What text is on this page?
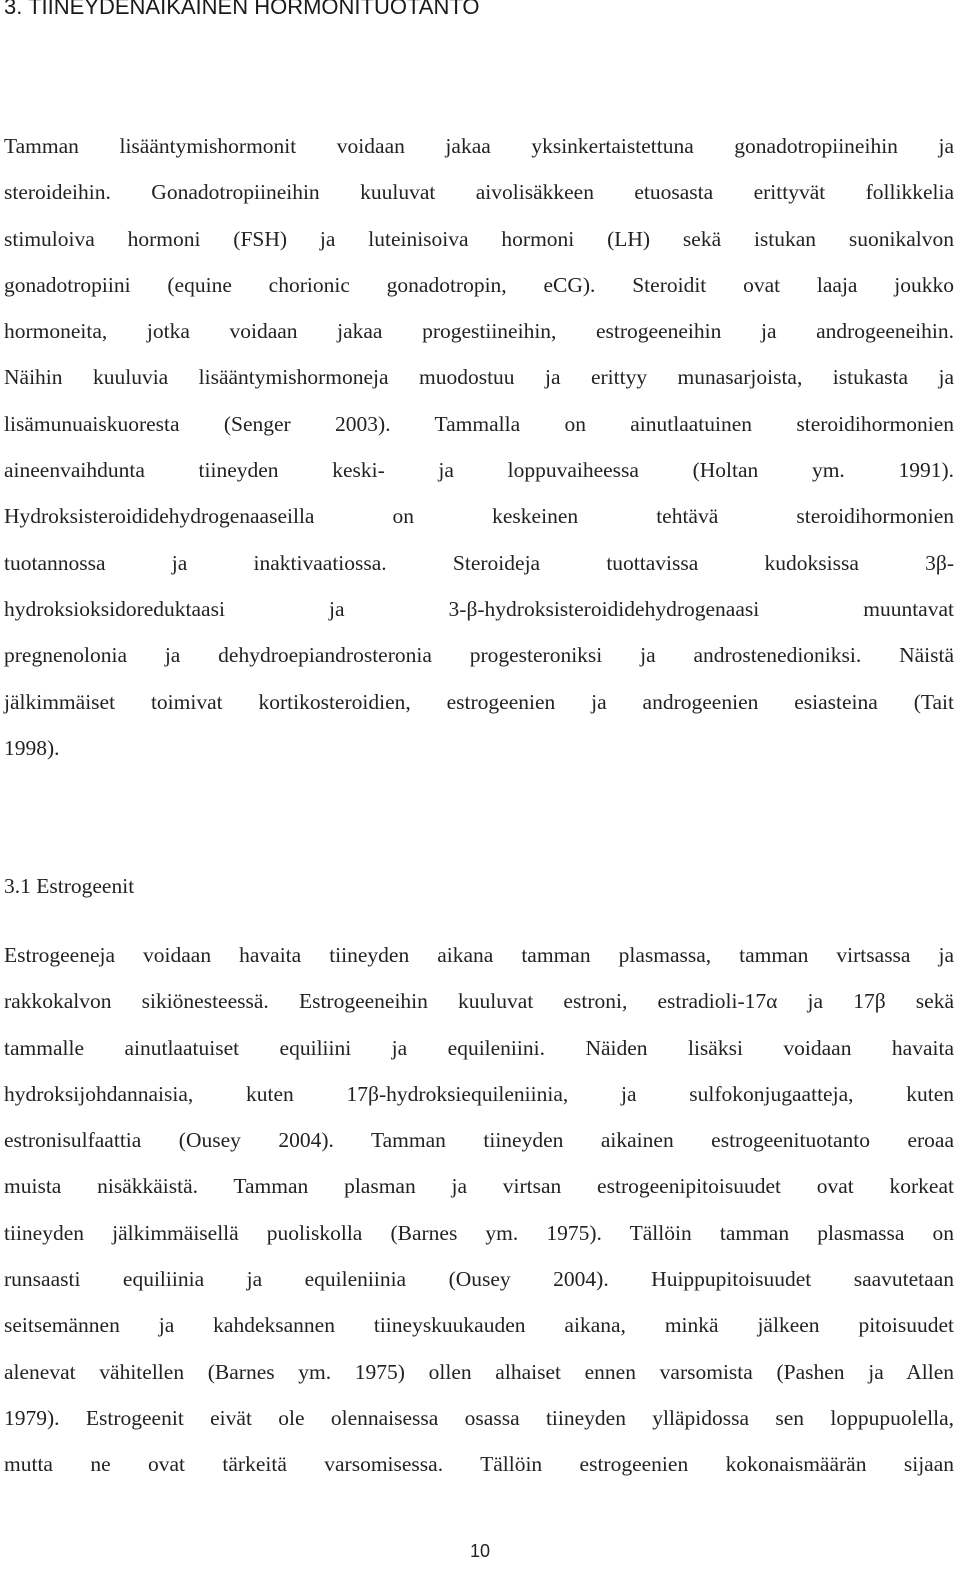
3. TIINEYDENAIKAINEN HORMONITUOTANTO
Tamman lisääntymishormonit voidaan jakaa yksinkertaistettuna gonadotropiineihin ja
steroideihin. Gonadotropiineihin kuuluvat aivolisäkkeen etuosasta erittyvät follikkelia
stimuloiva hormoni (FSH) ja luteinisoiva hormoni (LH) sekä istukan suonikalvon
gonadotropiini (equine chorionic gonadotropin, eCG). Steroidit ovat laaja joukko
hormoneita, jotka voidaan jakaa progestiineihin, estrogeeneihin ja androgeeneihin.
Näihin kuuluvia lisääntymishormoneja muodostuu ja erittyy munasarjoista, istukasta ja
lisämunuaiskuoresta (Senger 2003). Tammalla on ainutlaatuinen steroidihormonien
aineenvaihdunta tiineyden keski- ja loppuvaiheessa (Holtan ym. 1991).
Hydroksisteroididehydrogenaaseilla on keskeinen tehtävä steroidihormonien
tuotannossa ja inaktivaatiossa. Steroideja tuottavissa kudoksissa 3β-
hydroksioksidoreduktaasi ja 3-β-hydroksisteroididehydrogenaasi muuntavat
pregnenolonia ja dehydroepiandrosteronia progesteroniksi ja androstenedioniksi. Näistä
jälkimmäiset toimivat kortikosteroidien, estrogeenien ja androgeenien esiasteina (Tait
1998).
3.1 Estrogeenit
Estrogeeneja voidaan havaita tiineyden aikana tamman plasmassa, tamman virtsassa ja
rakkokalvon sikiönesteessä. Estrogeeneihin kuuluvat estroni, estradioli-17α ja 17β sekä
tammalle ainutlaatuiset equiliini ja equileniini. Näiden lisäksi voidaan havaita
hydroksijohdannaisia, kuten 17β-hydroksiequileniinia, ja sulfokonjugaatteja, kuten
estronisulfaattia (Ousey 2004). Tamman tiineyden aikainen estrogeenituotanto eroaa
muista nisäkkäistä. Tamman plasman ja virtsan estrogeenipitoisuudet ovat korkeat
tiineyden jälkimmäisellä puoliskolla (Barnes ym. 1975). Tällöin tamman plasmassa on
runsaasti equiliinia ja equileniinia (Ousey 2004). Huippupitoisuudet saavutetaan
seitsemännen ja kahdeksannen tiineyskuukauden aikana, minkä jälkeen pitoisuudet
alenevat vähitellen (Barnes ym. 1975) ollen alhaiset ennen varsomista (Pashen ja Allen
1979). Estrogeenit eivät ole olennaisessa osassa tiineyden ylläpidossa sen loppupuolella,
mutta ne ovat tärkeitä varsomisessa. Tällöin estrogeenien kokonaismäärän sijaan
10
